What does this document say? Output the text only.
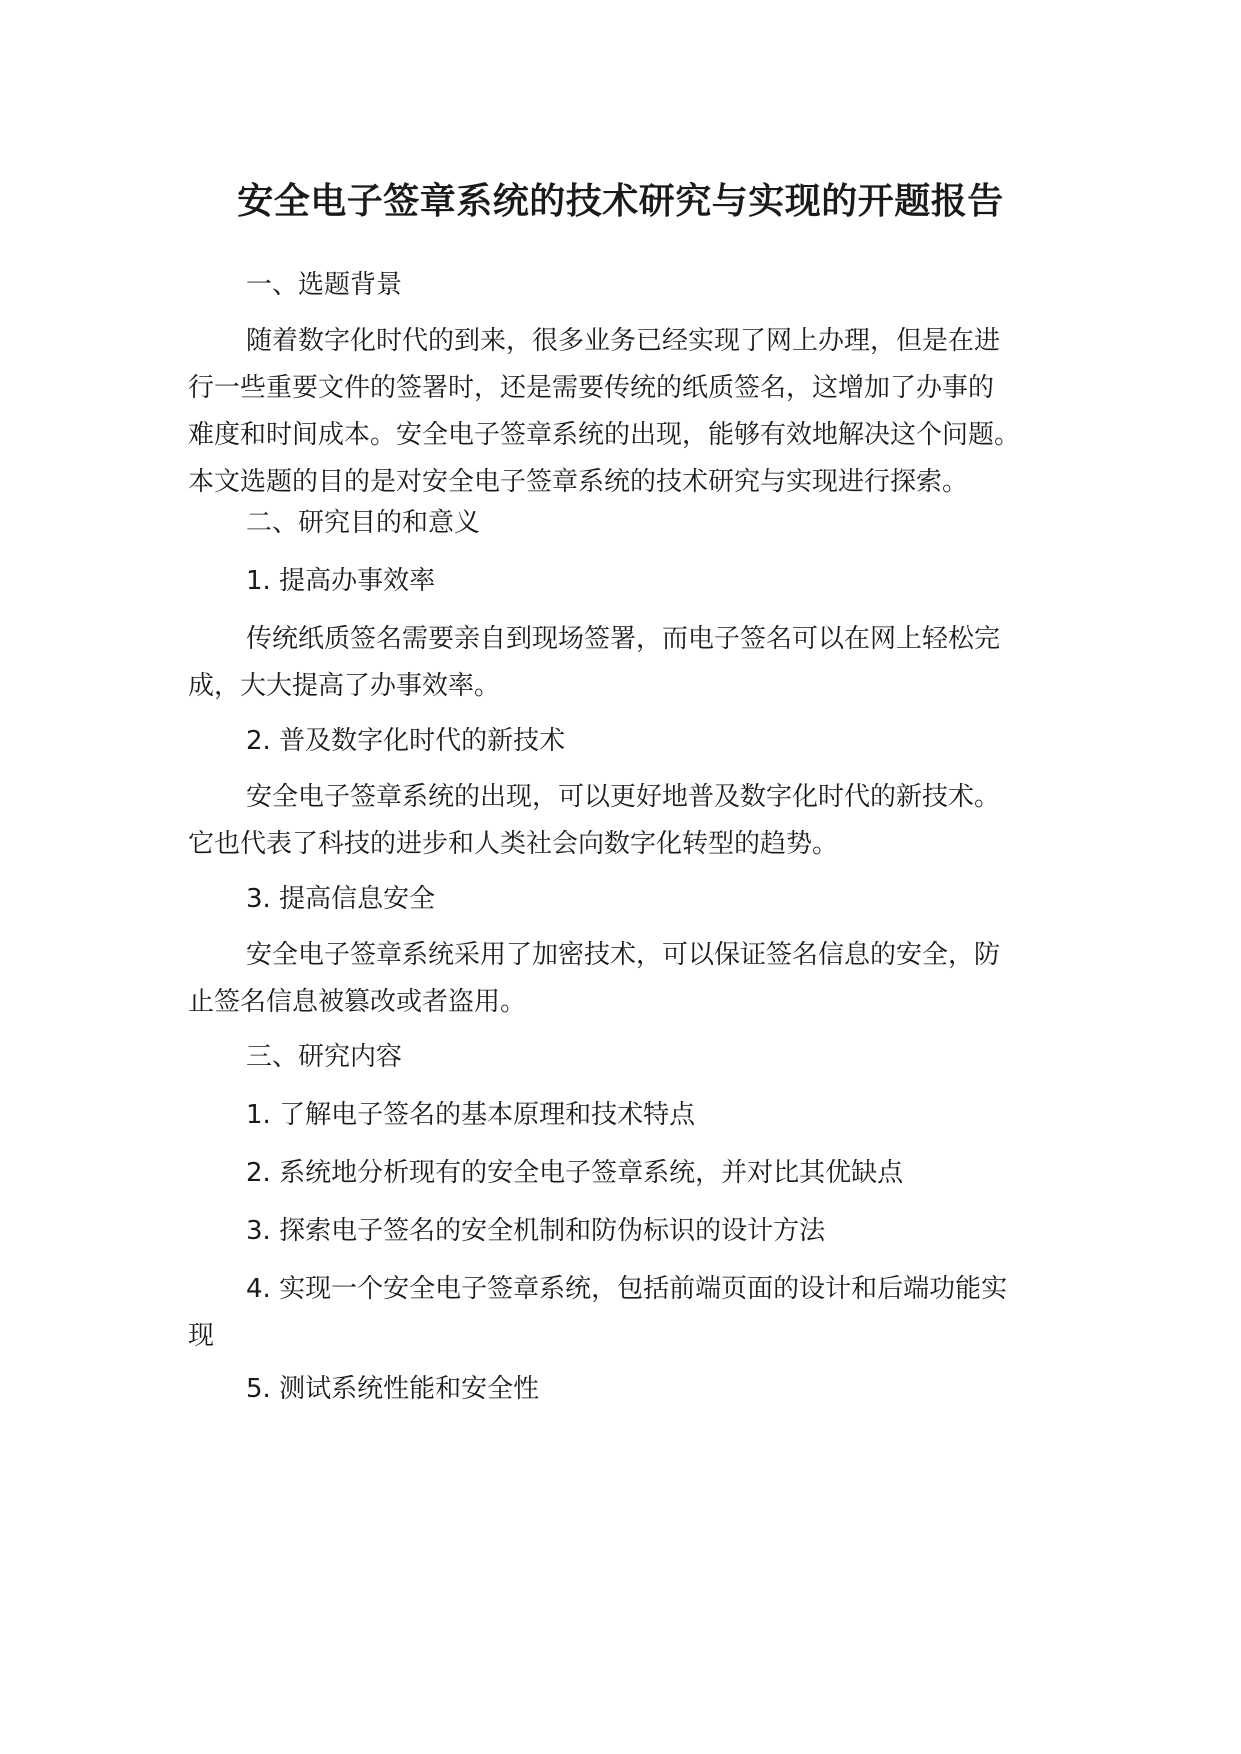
安全电子签章系统的技术研究与实现的开题报告

一、选题背景

随着数字化时代的到来，很多业务已经实现了网上办理，但是在进
行一些重要文件的签署时，还是需要传统的纸质签名，这增加了办事的
难度和时间成本。安全电子签章系统的出现，能够有效地解决这个问题。
本文选题的目的是对安全电子签章系统的技术研究与实现进行探索。

二、研究目的和意义

1. 提高办事效率

传统纸质签名需要亲自到现场签署，而电子签名可以在网上轻松完
成，大大提高了办事效率。

2. 普及数字化时代的新技术

安全电子签章系统的出现，可以更好地普及数字化时代的新技术。
它也代表了科技的进步和人类社会向数字化转型的趋势。

3. 提高信息安全

安全电子签章系统采用了加密技术，可以保证签名信息的安全，防
止签名信息被篡改或者盗用。

三、研究内容

1. 了解电子签名的基本原理和技术特点

2. 系统地分析现有的安全电子签章系统，并对比其优缺点

3. 探索电子签名的安全机制和防伪标识的设计方法

4. 实现一个安全电子签章系统，包括前端页面的设计和后端功能实
现

5. 测试系统性能和安全性
